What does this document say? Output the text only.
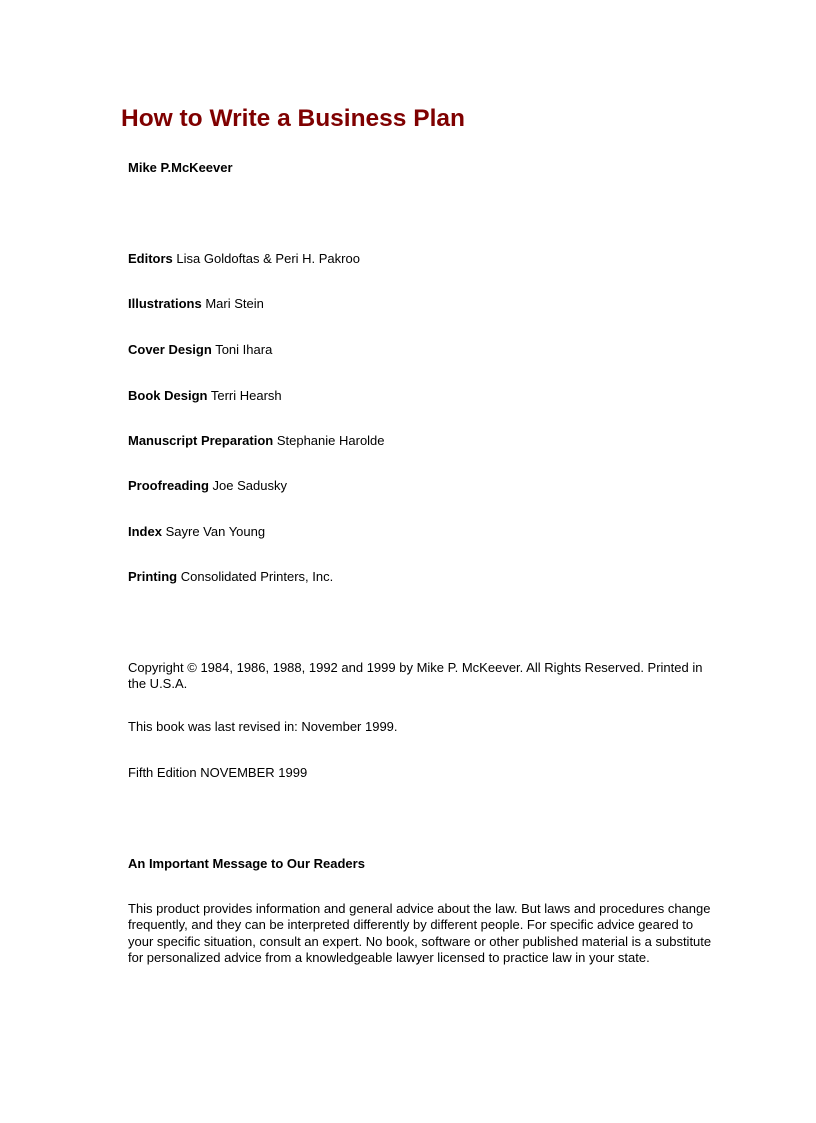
How to Write a Business Plan
Mike P.McKeever
Editors Lisa Goldoftas & Peri H. Pakroo
Illustrations Mari Stein
Cover Design Toni Ihara
Book Design Terri Hearsh
Manuscript Preparation Stephanie Harolde
Proofreading Joe Sadusky
Index Sayre Van Young
Printing Consolidated Printers, Inc.

Copyright © 1984, 1986, 1988, 1992 and 1999 by Mike P. McKeever. All Rights Reserved. Printed in the U.S.A.

This book was last revised in: November 1999.

Fifth Edition NOVEMBER 1999

An Important Message to Our Readers

This product provides information and general advice about the law. But laws and procedures change frequently, and they can be interpreted differently by different people. For specific advice geared to your specific situation, consult an expert. No book, software or other published material is a substitute for personalized advice from a knowledgeable lawyer licensed to practice law in your state.
